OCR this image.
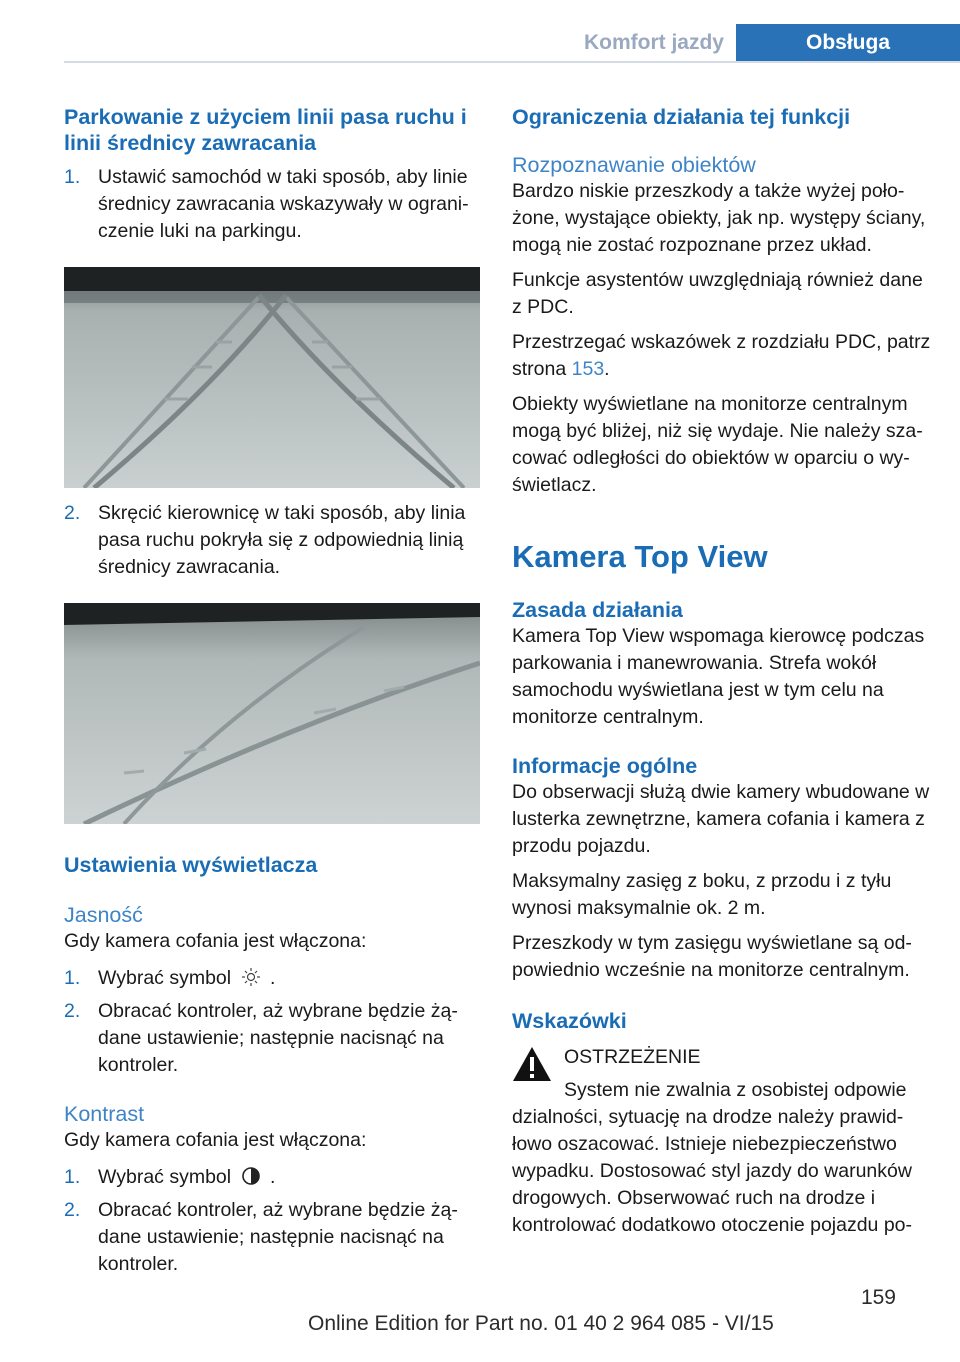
Komfort jazdy	Obsługa
Parkowanie z użyciem linii pasa ruchu i linii średnicy zawracania
1. Ustawić samochód w taki sposób, aby linie średnicy zawracania wskazywały w ograniczenie luki na parkingu.
2. Skręcić kierownicę w taki sposób, aby linia pasa ruchu pokryła się z odpowiednią linią średnicy zawracania.
Ustawienia wyświetlacza
Jasność

Gdy kamera cofania jest włączona:

1. Wybrać symbol .
2. Obracać kontroler, aż wybrane będzie żądane ustawienie; następnie nacisnąć na kontroler.
Kontrast

Gdy kamera cofania jest włączona:

1. Wybrać symbol .
2. Obracać kontroler, aż wybrane będzie żądane ustawienie; następnie nacisnąć na kontroler.
Ograniczenia działania tej funkcji
Rozpoznawanie obiektów

Bardzo niskie przeszkody a także wyżej położone, wystające obiekty, jak np. występy ściany, mogą nie zostać rozpoznane przez układ.

Funkcje asystentów uwzględniają również dane z PDC.

Przestrzegać wskazówek z rozdziału PDC, patrz strona 153.

Obiekty wyświetlane na monitorze centralnym mogą być bliżej, niż się wydaje. Nie należy szacować odległości do obiektów w oparciu o wyświetlacz.

Kamera Top View
Zasada działania

Kamera Top View wspomaga kierowcę podczas parkowania i manewrowania. Strefa wokół samochodu wyświetlana jest w tym celu na monitorze centralnym.

Informacje ogólne

Do obserwacji służą dwie kamery wbudowane w lusterka zewnętrzne, kamera cofania i kamera z przodu pojazdu.

Maksymalny zasięg z boku, z przodu i z tyłu wynosi maksymalnie ok. 2 m.

Przeszkody w tym zasięgu wyświetlane są odpowiednio wcześnie na monitorze centralnym.

Wskazówki

OSTRZEŻENIE

System nie zwalnia z osobistej odpowie

dzialności, sytuację na drodze należy prawidłowo oszacować. Istnieje niebezpieczeństwo wypadku. Dostosować styl jazdy do warunków drogowych. Obserwować ruch na drodze i kontrolować dodatkowo otoczenie pojazdu po-

159
Online Edition for Part no. 01 40 2 964 085 - VI/15
